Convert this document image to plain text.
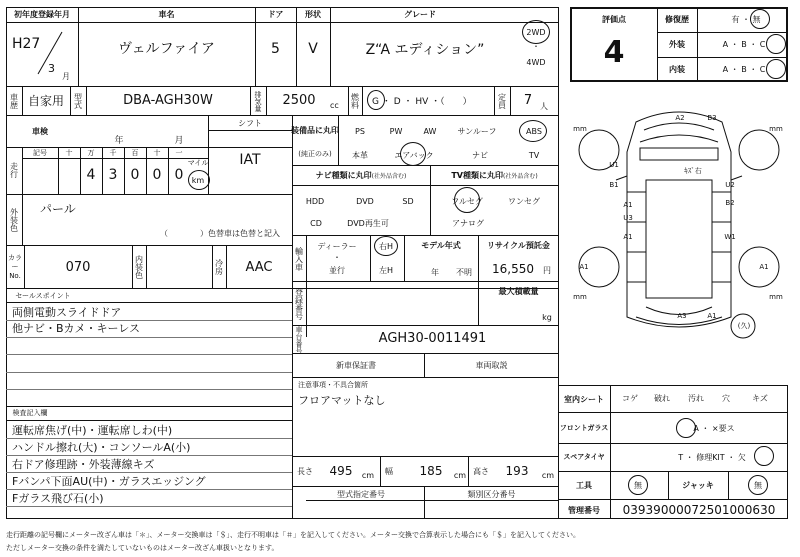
初年度登録年月
H27
3
月
車名
ヴェルファイア
ドア
5
形状
V
グレード
Z“A エディション”
2WD
・
4WD
車歴 自家用	型式	DBA-AGH30W	排気量	2500	cc	燃料 G ・ D ・ HV ・（　　）	定員	7 人
車検
年	月
シフト
IAT
走行
記号	十	万	千	百	十	一
4 3 0 0 0
マイル
km
外装色 パール
（　　　　）色替車は色替と記入
カラーNo.
070	内装色	冷房	AAC
セールスポイント
両側電動スライドドア
他ナビ・Bカメ・キーレス
検査記入欄
運転席焦げ(中)・運転席しわ(中)
ハンドル擦れ(大)・コンソールA(小)
右ドア修理跡・外装薄線キズ
Fバンパ下面AU(中)・ガラスエッジング
Fガラス飛び石(小)
装備品に丸印
(純正のみ)
PS	PW	AW	サンルーフ	ABS
本革	エアバック	ナビ	TV
ナビ種類に丸印 (社外品含む)	TV種類に丸印 (社外品含む)
HDD	DVD	SD
CD	DVD再生可
フルセグ	ワンセグ
アナログ
輸入車
ディーラー
・
並行
右H
左H
モデル年式
年	不明
リサイクル預託金
16,550	円
登録番号	最大積載量
kg
車台番号	AGH30-0011491
新車保証書	車両取説
注意事項・不具合箇所
フロアマットなし
長さ 495 cm	幅 185 cm 高さ 193 cm
型式指定番号	類別区分番号
評価点
4
修復歴	有 ・ 無
外装	A ・ B ・ C
内装	A ・ B ・ C
A2	B3
U1
ｷｽﾞ右
B1	U2
A1	B2
U3
A1	W1
A1	A1
A3	A1
mm	mm
mm	mm
(久)
室内シート	コゲ	破れ	汚れ	穴	キズ
フロントガラス	A ・ ×要ス
スペアタイヤ	T ・ 修理KIT ・ 欠
工具	無	ジャッキ	無
管理番号	03939000072501000630
走行距離の記号欄にメーター改ざん車は「＊」、メーター交換車は「＄」、走行不明車は「＃」を記入してください。メーター交換で合算表示した場合にも「＄」を記入してください。
ただしメーター交換の条件を満たしていないものはメーター改ざん車扱いとなります。
